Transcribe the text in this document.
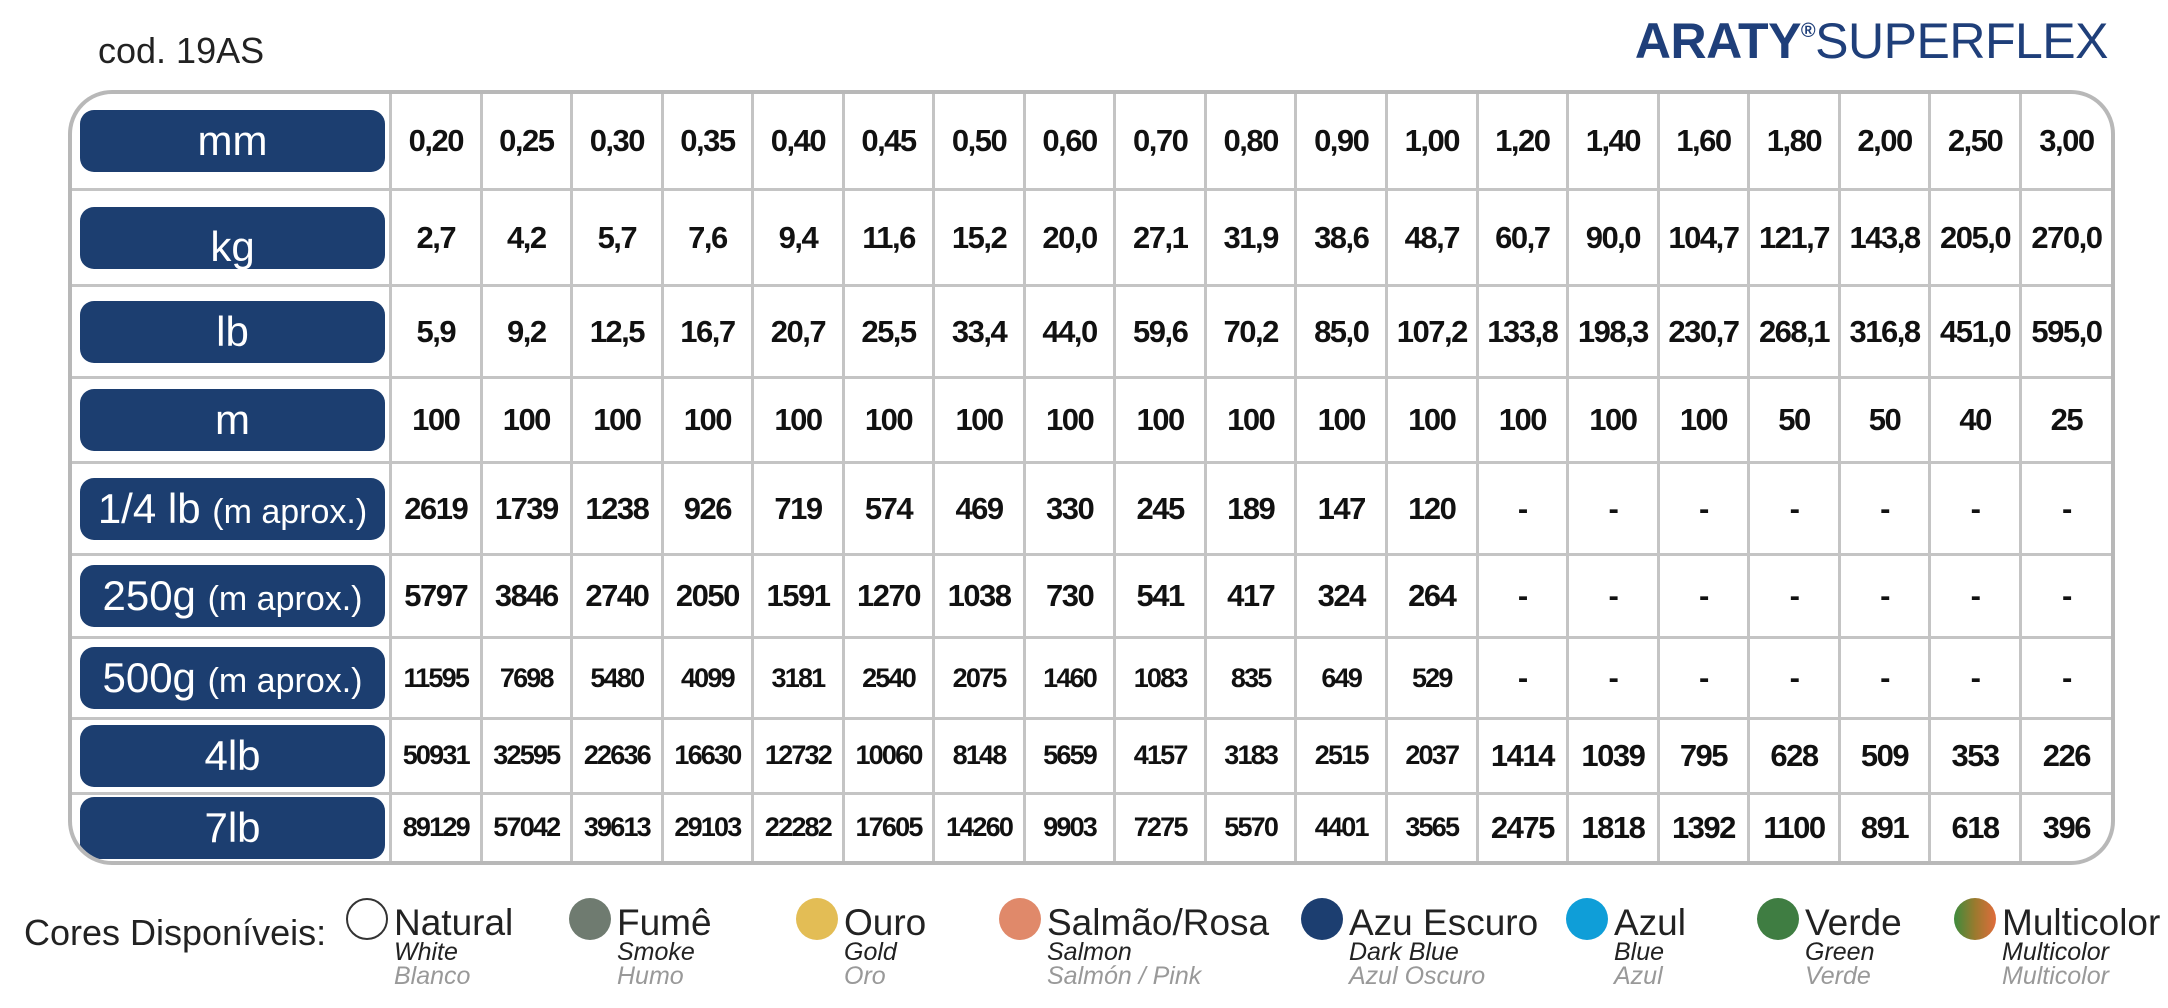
cod. 19AS	ARATY®SUPERFLEX
mm	0,20	0,25	0,30	0,35	0,40	0,45	0,50	0,60	0,70	0,80	0,90	1,00	1,20	1,40	1,60	1,80	2,00	2,50	3,00

kg	2,7	4,2	5,7	7,6	9,4	11,6	15,2	20,0	27,1	31,9	38,6	48,7	60,7	90,0	104,7	121,7	143,8	205,0	270,0

lb	5,9	9,2	12,5	16,7	20,7	25,5	33,4	44,0	59,6	70,2	85,0	107,2	133,8	198,3	230,7	268,1	316,8	451,0	595,0

m	100	100	100	100	100	100	100	100	100	100	100	100	100	100	100	50	50	40	25

1/4 lb (m aprox.)	2619	1739	1238	926	719	574	469	330	245	189	147	120	-	-	-	-	-	-	-

250g (m aprox.)	5797	3846	2740	2050	1591	1270	1038	730	541	417	324	264	-	-	-	-	-	-	-

500g (m aprox.)	11595	7698	5480	4099	3181	2540	2075	1460	1083	835	649	529	-	-	-	-	-	-	-

4lb	50931	32595	22636	16630	12732	10060	8148	5659	4157	3183	2515	2037	1414	1039	795	628	509	353	226

7lb	89129	57042	39613	29103	22282	17605	14260	9903	7275	5570	4401	3565	2475	1818	1392	1100	891	618	396
Cores Disponíveis: Natural
White
Blanco
Fumê
Smoke
Humo
Ouro
Gold
Oro
Salmão/Rosa
Salmon
Salmón / Pink
Azu Escuro
Dark Blue
Azul Oscuro
Azul
Blue
Azul
Verde
Green
Verde
Multicolor
Multicolor
Multicolor
